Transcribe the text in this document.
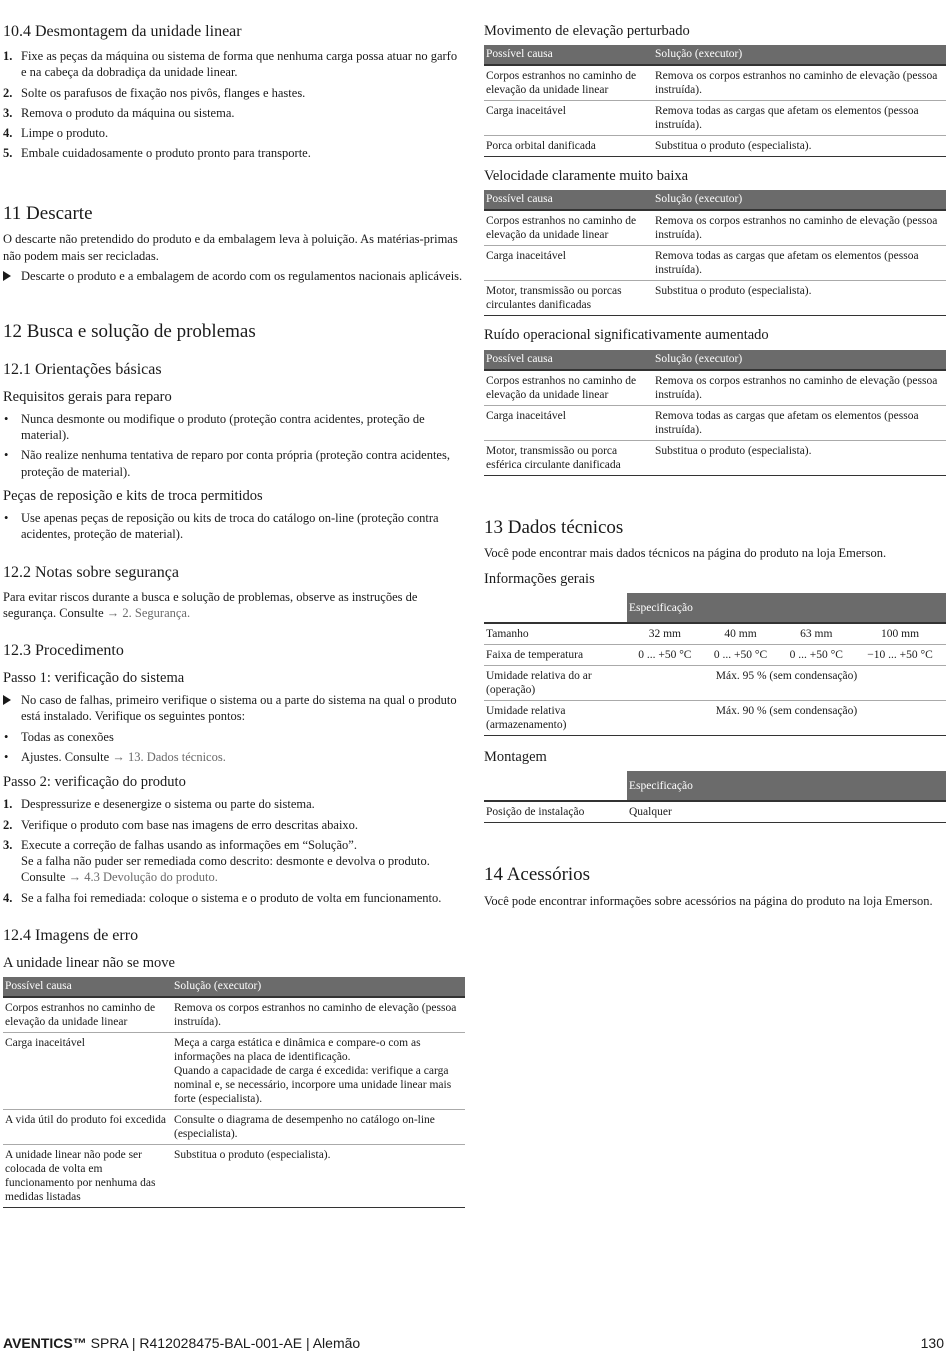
10.4 Desmontagem da unidade linear
1. Fixe as peças da máquina ou sistema de forma que nenhuma carga possa atuar no garfo e na cabeça da dobradiça da unidade linear.
2. Solte os parafusos de fixação nos pivôs, flanges e hastes.
3. Remova o produto da máquina ou sistema.
4. Limpe o produto.
5. Embale cuidadosamente o produto pronto para transporte.
11 Descarte

O descarte não pretendido do produto e da embalagem leva à poluição. As matérias-primas não podem mais ser recicladas.

Descarte o produto e a embalagem de acordo com os regulamentos nacionais aplicáveis.
12 Busca e solução de problemas
12.1 Orientações básicas
Requisitos gerais para reparo
• Nunca desmonte ou modifique o produto (proteção contra acidentes, proteção de material).
• Não realize nenhuma tentativa de reparo por conta própria (proteção contra acidentes, proteção de material).
Peças de reposição e kits de troca permitidos
• Use apenas peças de reposição ou kits de troca do catálogo on-line (proteção contra acidentes, proteção de material).
12.2 Notas sobre segurança

Para evitar riscos durante a busca e solução de problemas, observe as instruções de segurança. Consulte → 2. Segurança.

12.3 Procedimento
Passo 1: verificação do sistema
No caso de falhas, primeiro verifique o sistema ou a parte do sistema na qual o produto está instalado. Verifique os seguintes pontos:
• Todas as conexões
• Ajustes. Consulte → 13. Dados técnicos.
Passo 2: verificação do produto
1. Despressurize e desenergize o sistema ou parte do sistema.
2. Verifique o produto com base nas imagens de erro descritas abaixo.
3. Execute a correção de falhas usando as informações em “Solução”.
Se a falha não puder ser remediada como descrito: desmonte e devolva o produto. Consulte → 4.3 Devolução do produto.
4. Se a falha foi remediada: coloque o sistema e o produto de volta em funcionamento.
12.4 Imagens de erro
A unidade linear não se move
Possível causa	Solução (executor)
Corpos estranhos no caminho de elevação da unidade linear	Remova os corpos estranhos no caminho de elevação (pessoa instruída).
Carga inaceitável	Meça a carga estática e dinâmica e compare-o com as informações na placa de identificação.
Quando a capacidade de carga é excedida: verifique a carga nominal e, se necessário, incorpore uma unidade linear mais forte (especialista).
A vida útil do produto foi excedida	Consulte o diagrama de desempenho no catálogo on-line (especialista).
A unidade linear não pode ser colocada de volta em funcionamento por nenhuma das medidas listadas	Substitua o produto (especialista).
Movimento de elevação perturbado
Possível causa	Solução (executor)
Corpos estranhos no caminho de elevação da unidade linear	Remova os corpos estranhos no caminho de elevação (pessoa instruída).
Carga inaceitável	Remova todas as cargas que afetam os elementos (pessoa instruída).
Porca orbital danificada	Substitua o produto (especialista).
Velocidade claramente muito baixa
Possível causa	Solução (executor)
Corpos estranhos no caminho de elevação da unidade linear	Remova os corpos estranhos no caminho de elevação (pessoa instruída).
Carga inaceitável	Remova todas as cargas que afetam os elementos (pessoa instruída).
Motor, transmissão ou porcas circulantes danificadas	Substitua o produto (especialista).
Ruído operacional significativamente aumentado
Possível causa	Solução (executor)
Corpos estranhos no caminho de elevação da unidade linear	Remova os corpos estranhos no caminho de elevação (pessoa instruída).
Carga inaceitável	Remova todas as cargas que afetam os elementos (pessoa instruída).
Motor, transmissão ou porca esférica circulante danificada	Substitua o produto (especialista).
13 Dados técnicos

Você pode encontrar mais dados técnicos na página do produto na loja Emerson.

Informações gerais
	Especificação			
Tamanho	32 mm	40 mm	63 mm	100 mm
Faixa de temperatura	0 ... +50 °C	0 ... +50 °C	0 ... +50 °C	−10 ... +50 °C
Umidade relativa do ar (operação)	Máx. 95 % (sem condensação)			
Umidade relativa (armazenamento)	Máx. 90 % (sem condensação)			
Montagem
	Especificação
Posição de instalação	Qualquer
14 Acessórios

Você pode encontrar informações sobre acessórios na página do produto na loja Emerson.

AVENTICS™ SPRA | R412028475-BAL-001-AE | Alemão	130
